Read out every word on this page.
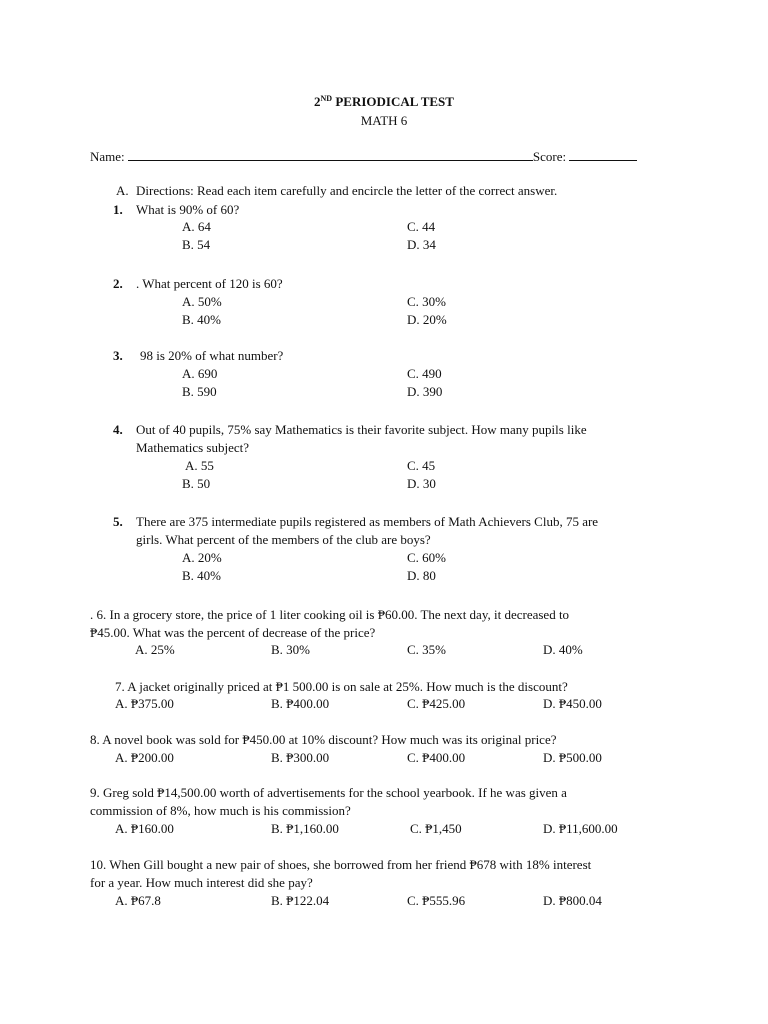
2ND PERIODICAL TEST
MATH 6
Name:	Score:
A. Directions: Read each item carefully and encircle the letter of the correct answer.
1. What is 90% of 60?
A. 64	C. 44
B. 54	D. 34
2. . What percent of 120 is 60?
A. 50%	C. 30%
B. 40%	D. 20%
3. 98 is 20% of what number?
A. 690	C. 490
B. 590	D. 390
4. Out of 40 pupils, 75% say Mathematics is their favorite subject. How many pupils like
Mathematics subject?
A. 55	C. 45
B. 50	D. 30
5. There are 375 intermediate pupils registered as members of Math Achievers Club, 75 are
girls. What percent of the members of the club are boys?
A. 20%	C. 60%
B. 40%	D. 80
. 6. In a grocery store, the price of 1 liter cooking oil is ₱60.00. The next day, it decreased to
₱45.00. What was the percent of decrease of the price?
A. 25%	B. 30%	C. 35%	D. 40%
7. A jacket originally priced at ₱1 500.00 is on sale at 25%. How much is the discount?
A. ₱375.00	B. ₱400.00	C. ₱425.00	D. ₱450.00
8. A novel book was sold for ₱450.00 at 10% discount? How much was its original price?
A. ₱200.00	B. ₱300.00	C. ₱400.00	D. ₱500.00
9. Greg sold ₱14,500.00 worth of advertisements for the school yearbook. If he was given a
commission of 8%, how much is his commission?
A. ₱160.00	B. ₱1,160.00	C. ₱1,450	D. ₱11,600.00
10. When Gill bought a new pair of shoes, she borrowed from her friend ₱678 with 18% interest
for a year. How much interest did she pay?
A. ₱67.8	B. ₱122.04	C. ₱555.96	D. ₱800.04
